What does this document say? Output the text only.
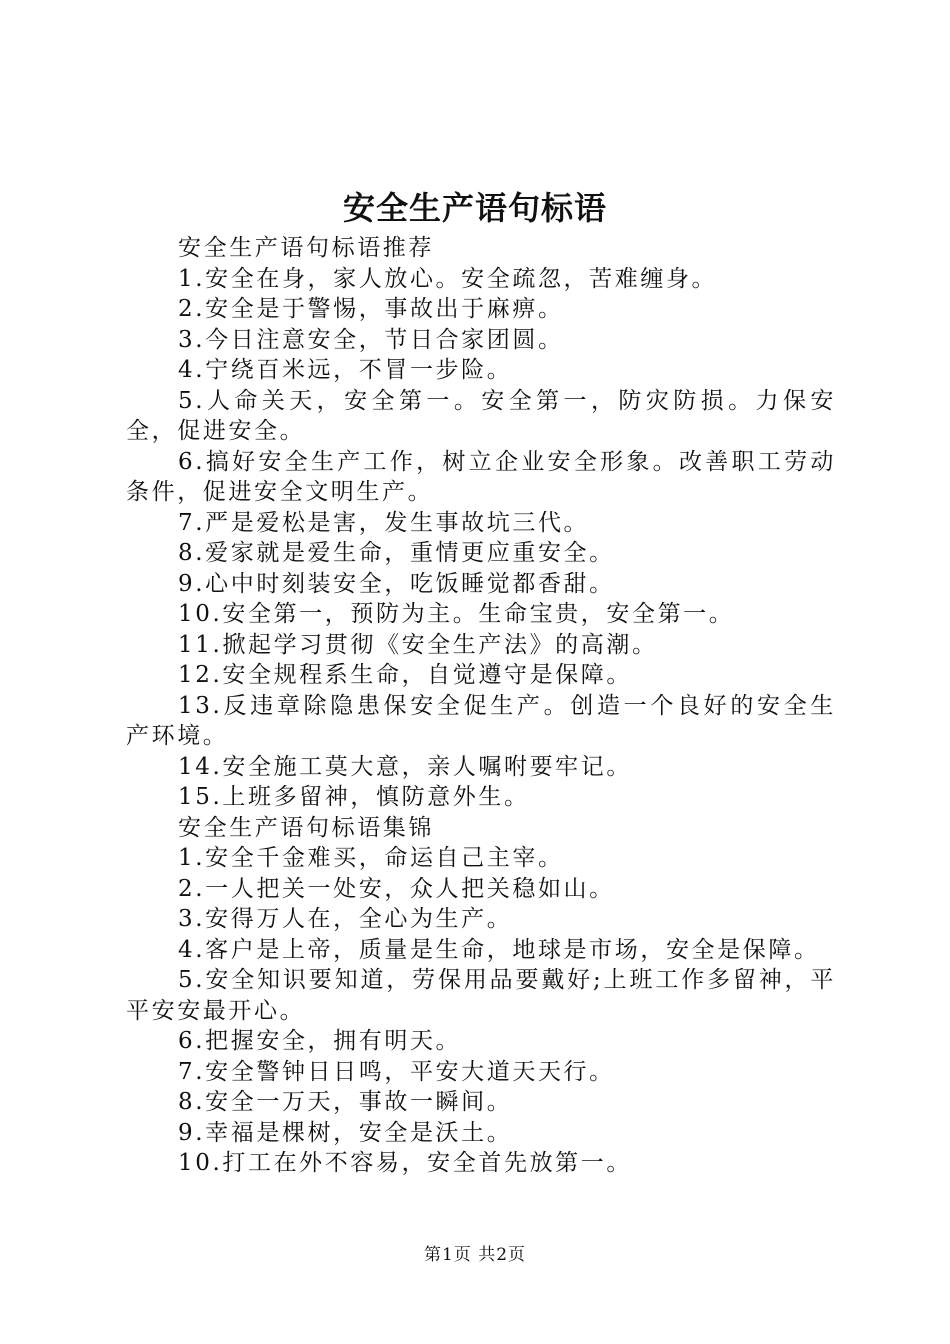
安全生产语句标语

安全生产语句标语推荐

1.安全在身，家人放心。安全疏忽，苦难缠身。

2.安全是于警惕，事故出于麻痹。

3.今日注意安全，节日合家团圆。

4.宁绕百米远，不冒一步险。

5.人命关天，安全第一。安全第一，防灾防损。力保安全，促进安全。

6.搞好安全生产工作，树立企业安全形象。改善职工劳动条件，促进安全文明生产。

7.严是爱松是害，发生事故坑三代。

8.爱家就是爱生命，重情更应重安全。

9.心中时刻装安全，吃饭睡觉都香甜。

10.安全第一，预防为主。生命宝贵，安全第一。

11.掀起学习贯彻《安全生产法》的高潮。

12.安全规程系生命，自觉遵守是保障。

13.反违章除隐患保安全促生产。创造一个良好的安全生产环境。

14.安全施工莫大意，亲人嘱咐要牢记。

15.上班多留神，慎防意外生。

安全生产语句标语集锦

1.安全千金难买，命运自己主宰。

2.一人把关一处安，众人把关稳如山。

3.安得万人在，全心为生产。

4.客户是上帝，质量是生命，地球是市场，安全是保障。

5.安全知识要知道，劳保用品要戴好;上班工作多留神，平平安安最开心。

6.把握安全，拥有明天。

7.安全警钟日日鸣，平安大道天天行。

8.安全一万天，事故一瞬间。

9.幸福是棵树，安全是沃土。

10.打工在外不容易，安全首先放第一。

第1页 共2页
